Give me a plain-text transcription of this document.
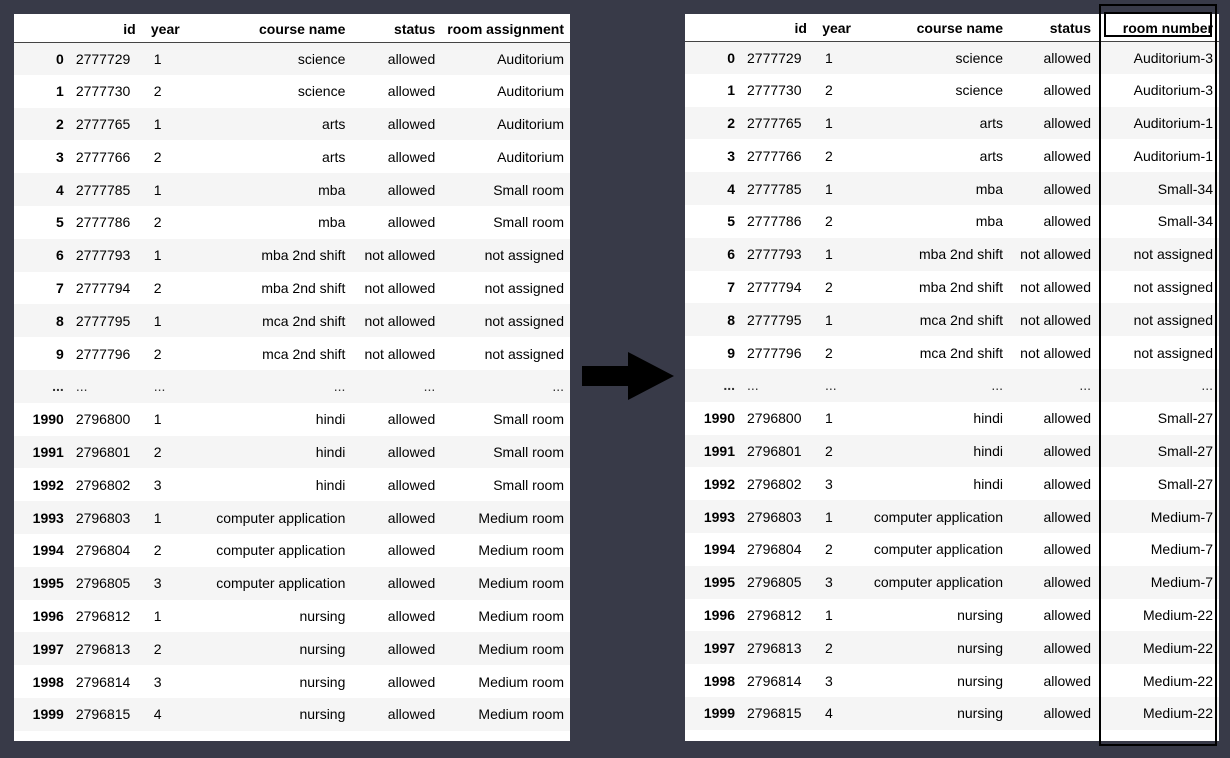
	id	year	course name	status	room assignment
0	2777729	1	science	allowed	Auditorium
1	2777730	2	science	allowed	Auditorium
2	2777765	1	arts	allowed	Auditorium
3	2777766	2	arts	allowed	Auditorium
4	2777785	1	mba	allowed	Small room
5	2777786	2	mba	allowed	Small room
6	2777793	1	mba 2nd shift	not allowed	not assigned
7	2777794	2	mba 2nd shift	not allowed	not assigned
8	2777795	1	mca 2nd shift	not allowed	not assigned
9	2777796	2	mca 2nd shift	not allowed	not assigned
...	...	...	...	...	...
1990	2796800	1	hindi	allowed	Small room
1991	2796801	2	hindi	allowed	Small room
1992	2796802	3	hindi	allowed	Small room
1993	2796803	1	computer application	allowed	Medium room
1994	2796804	2	computer application	allowed	Medium room
1995	2796805	3	computer application	allowed	Medium room
1996	2796812	1	nursing	allowed	Medium room
1997	2796813	2	nursing	allowed	Medium room
1998	2796814	3	nursing	allowed	Medium room
1999	2796815	4	nursing	allowed	Medium room
	id	year	course name	status	room number
0	2777729	1	science	allowed	Auditorium-3
1	2777730	2	science	allowed	Auditorium-3
2	2777765	1	arts	allowed	Auditorium-1
3	2777766	2	arts	allowed	Auditorium-1
4	2777785	1	mba	allowed	Small-34
5	2777786	2	mba	allowed	Small-34
6	2777793	1	mba 2nd shift	not allowed	not assigned
7	2777794	2	mba 2nd shift	not allowed	not assigned
8	2777795	1	mca 2nd shift	not allowed	not assigned
9	2777796	2	mca 2nd shift	not allowed	not assigned
...	...	...	...	...	...
1990	2796800	1	hindi	allowed	Small-27
1991	2796801	2	hindi	allowed	Small-27
1992	2796802	3	hindi	allowed	Small-27
1993	2796803	1	computer application	allowed	Medium-7
1994	2796804	2	computer application	allowed	Medium-7
1995	2796805	3	computer application	allowed	Medium-7
1996	2796812	1	nursing	allowed	Medium-22
1997	2796813	2	nursing	allowed	Medium-22
1998	2796814	3	nursing	allowed	Medium-22
1999	2796815	4	nursing	allowed	Medium-22
